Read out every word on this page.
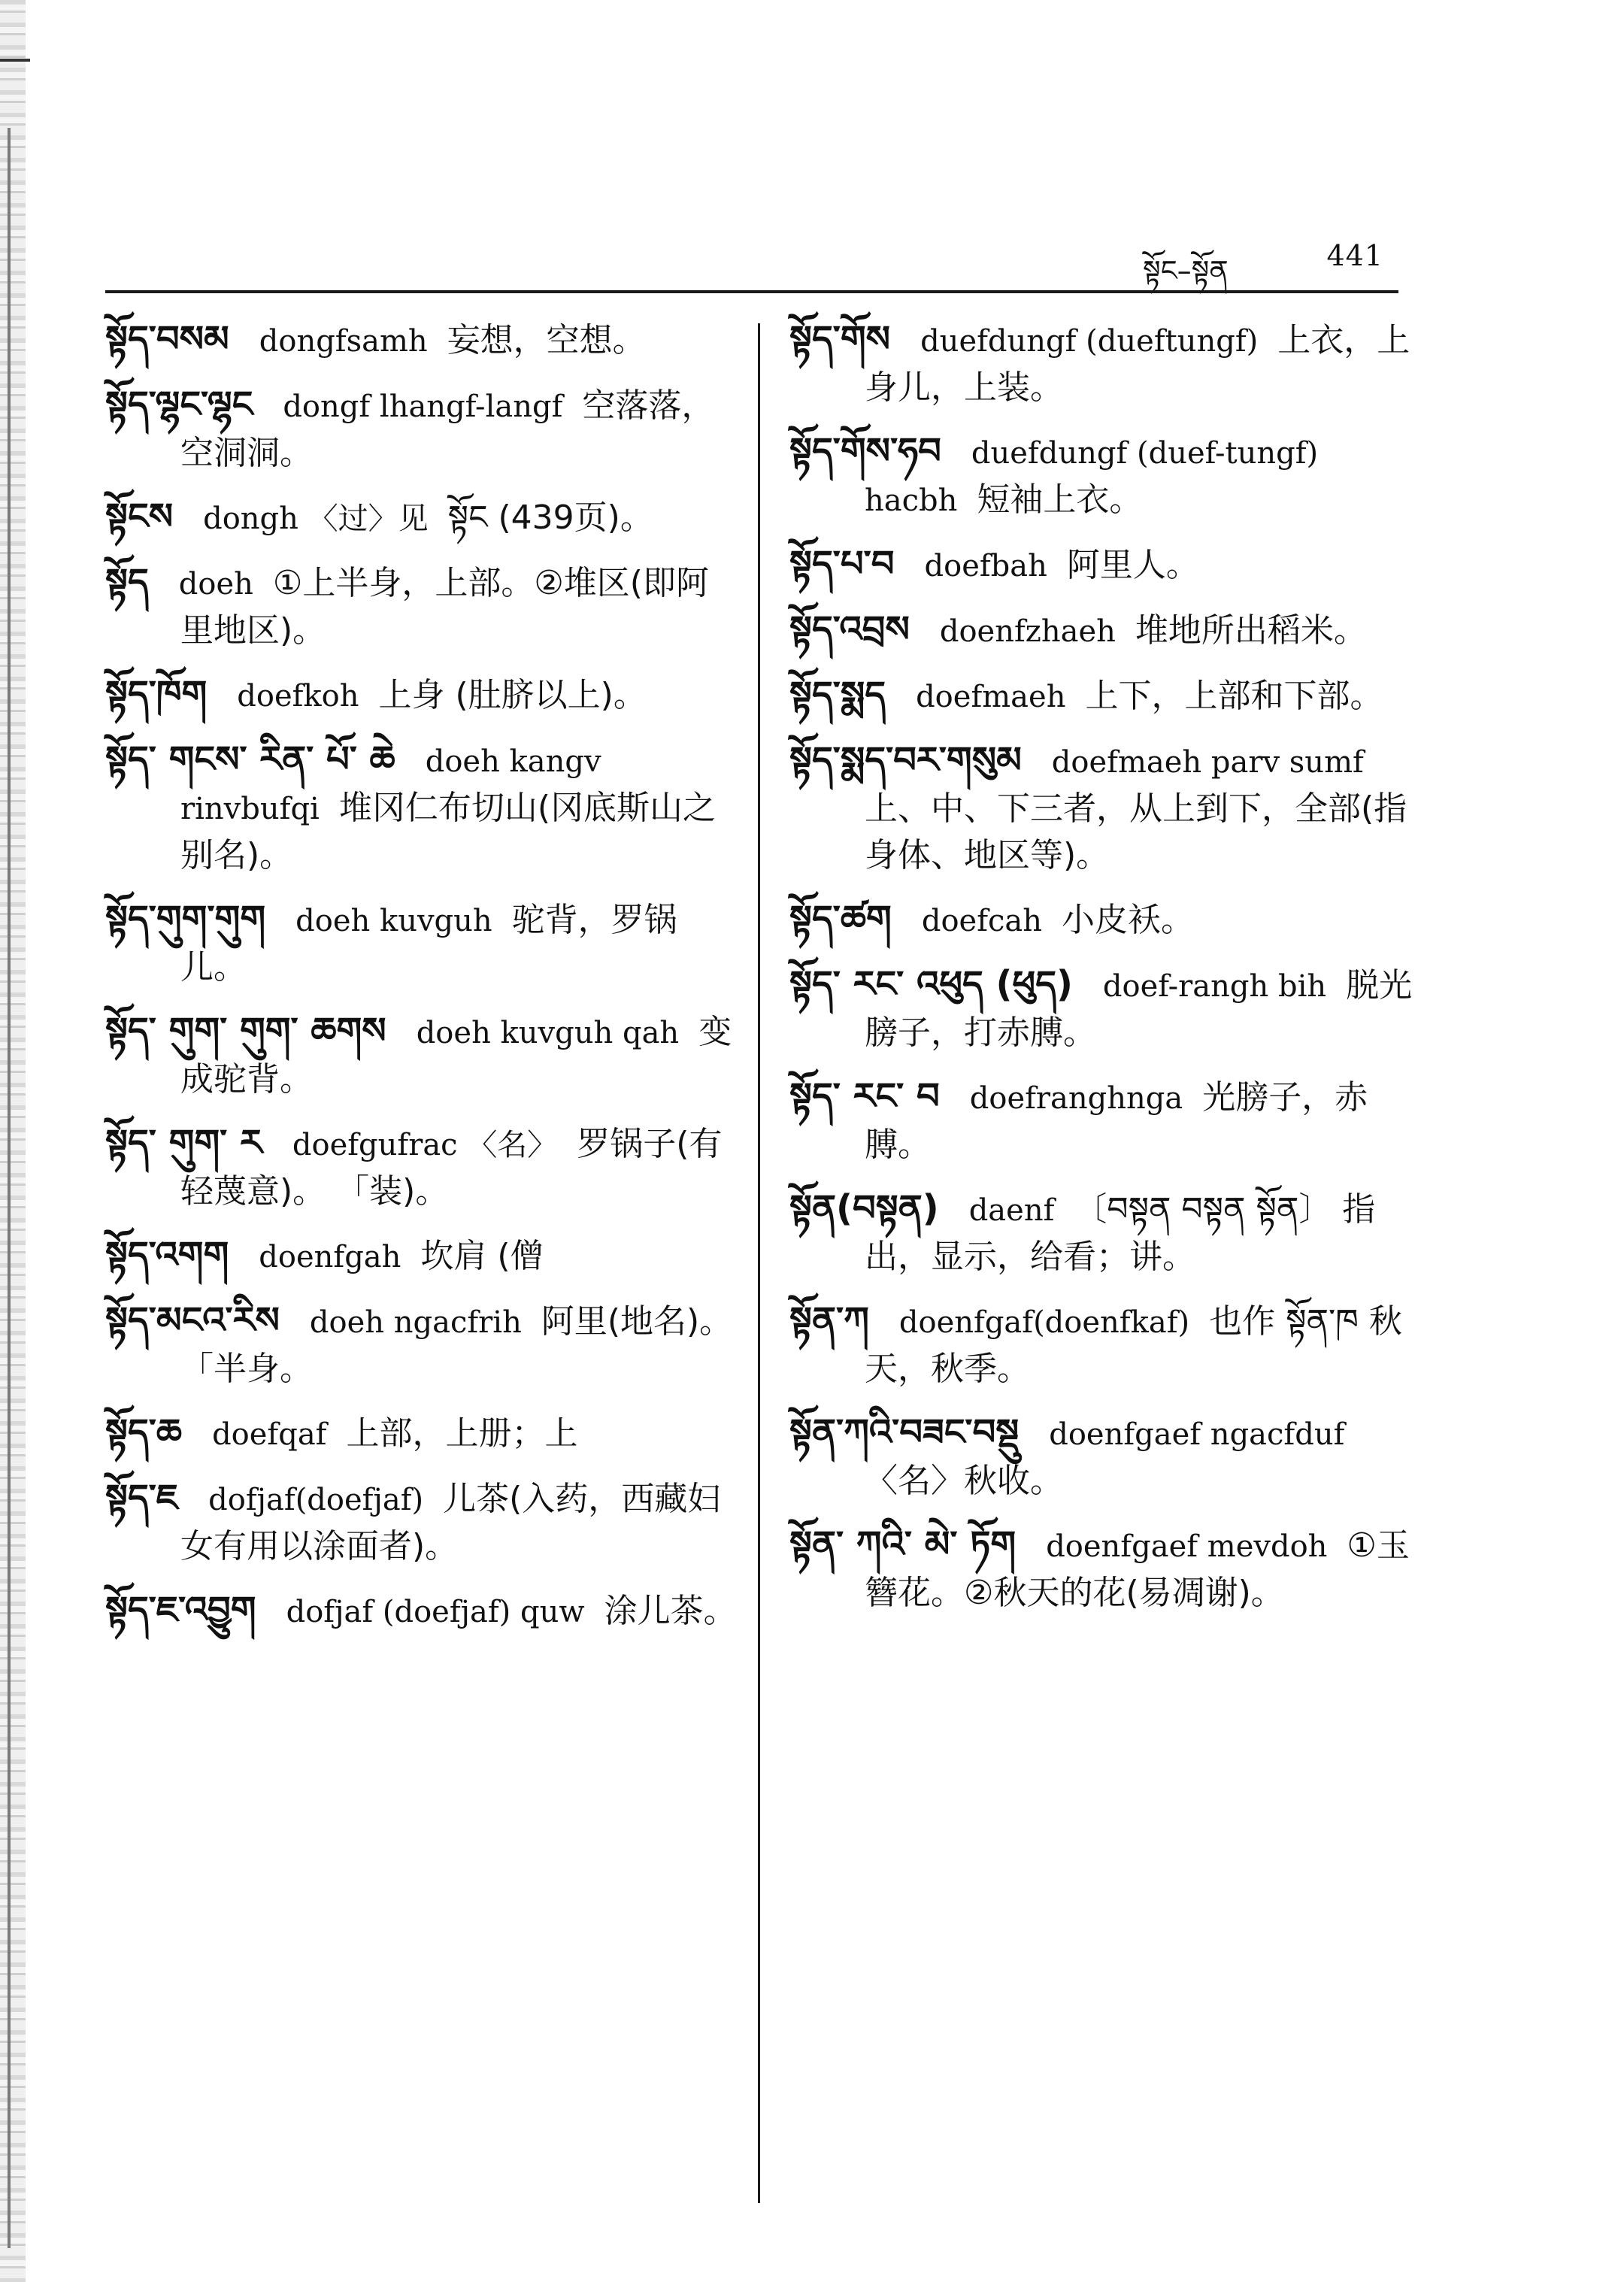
སྟོང–སྟོན	441
སྟོད་བསམ dongfsamh 妄想，空想。
སྟོད་ལྷང་ལྷང dongf lhangf-langf 空落落，空洞洞。
སྟོངས dongh 〈过〉见 སྟོང (439页)。
སྟོད doeh ①上半身，上部。②堆区(即阿里地区)。
སྟོད་ཁོག doefkoh 上身 (肚脐以上)。
སྟོད་ གངས་ རིན་ པོ་ ཆེ doeh kangv rinvbufqi 堆冈仁布切山(冈底斯山之别名)。
སྟོད་གུག་གུག doeh kuvguh 驼背，罗锅儿。
སྟོད་ གུག་ གུག་ ཆགས doeh kuvguh qah 变成驼背。
སྟོད་ གུག་ ར doefgufrac 〈名〉 罗锅子(有轻蔑意)。 「装)。
སྟོད་འགག doenfgah 坎肩 (僧
སྟོད་མངའ་རིས doeh ngacfrih 阿里(地名)。 「半身。
སྟོད་ཆ doefqaf 上部，上册；上
སྟོད་ཇ dofjaf(doefjaf) 儿茶(入药，西藏妇女有用以涂面者)。
སྟོད་ཇ་འབྱུག dofjaf (doefjaf) quw 涂儿茶。
སྟོད་གོས duefdungf (dueftungf) 上衣，上身儿，上装。
སྟོད་གོས་ཧབ duefdungf (duef-tungf) hacbh 短袖上衣。
སྟོད་པ་བ doefbah 阿里人。
སྟོད་འབྲས doenfzhaeh 堆地所出稻米。
སྟོད་སྨད doefmaeh 上下，上部和下部。
སྟོད་སྨད་བར་གསུམ doefmaeh parv sumf上、中、下三者，从上到下，全部(指身体、地区等)。
སྟོད་ཚག doefcah 小皮袄。
སྟོད་ རང་ འཕུད (ཕུད) doef-rangh bih 脱光膀子，打赤膊。
སྟོད་ རང་ བ doefranghnga 光膀子，赤膊。
སྟོན(བསྟན) daenf 〔བསྟན བསྟན སྟོན〕 指出，显示，给看；讲。
སྟོན་ཀ doenfgaf(doenfkaf) 也作 སྟོན་ཁ 秋天，秋季。
སྟོན་ཀའི་བཟང་བསྡུ doenfgaef ngacfduf〈名〉秋收。
སྟོན་ ཀའི་ མེ་ ཏོག doenfgaef mevdoh ①玉簪花。②秋天的花(易凋谢)。
